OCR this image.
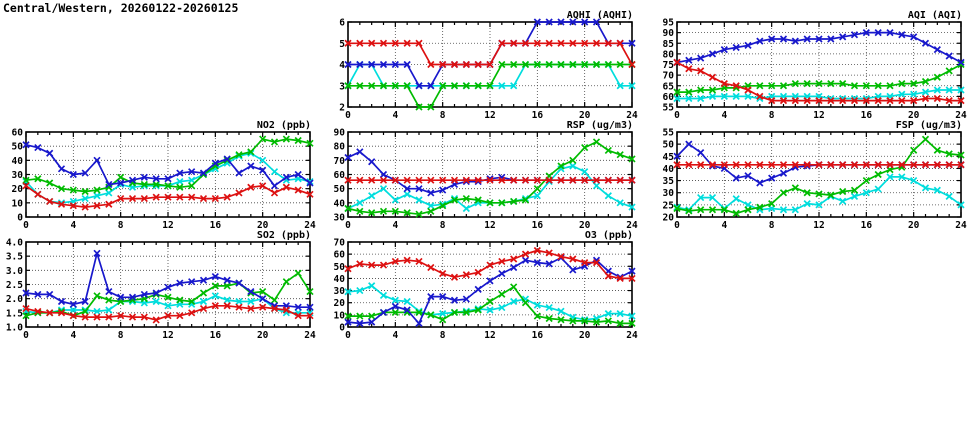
Central/Western, 20260122-20260125
2
3
4
5
6
0	4	8	12	16	20	24
AQHI (AQHI)
55
60
65
70
75
80
85
90
95
0	4	8	12	16	20	24
AQI (AQI)
0
10
20
30
40
50
60
0	4	8	12	16	20	24
NO2 (ppb)
30
40
50
60
70
80
90
0	4	8	12	16	20	24
RSP (ug/m3)
20
25
30
35
40
45
50
55
0	4	8	12	16	20	24
FSP (ug/m3)
1.0
1.5
2.0
2.5
3.0
3.5
4.0
0	4	8	12	16	20	24
SO2 (ppb)
0
10
20
30
40
50
60
70
0	4	8	12	16	20	24
O3 (ppb)
